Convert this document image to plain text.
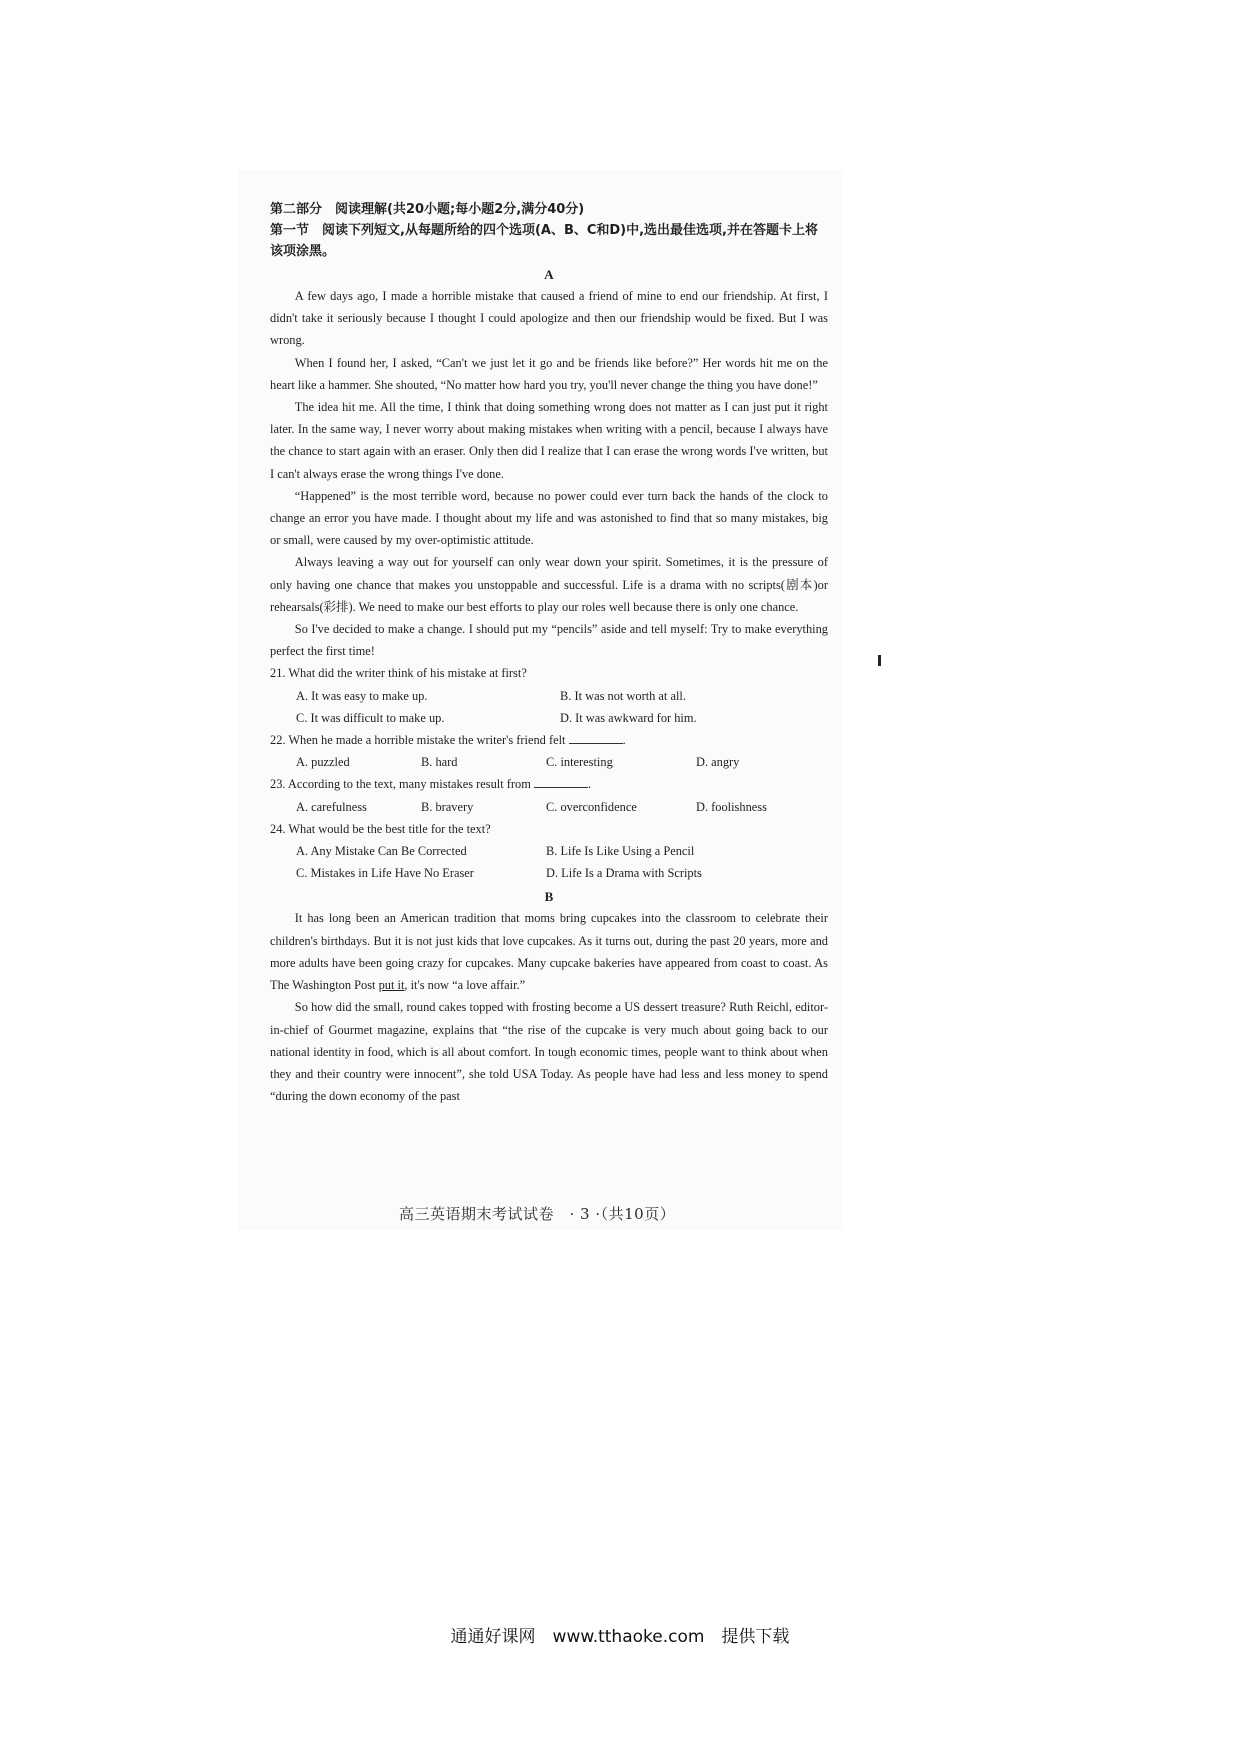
第二部分　阅读理解(共20小题;每小题2分,满分40分)
第一节　阅读下列短文,从每题所给的四个选项(A、B、C和D)中,选出最佳选项,并在答题卡上将该项涂黑。
A

A few days ago, I made a horrible mistake that caused a friend of mine to end our friendship. At first, I didn't take it seriously because I thought I could apologize and then our friendship would be fixed. But I was wrong.

When I found her, I asked, “Can't we just let it go and be friends like before?” Her words hit me on the heart like a hammer. She shouted, “No matter how hard you try, you'll never change the thing you have done!”

The idea hit me. All the time, I think that doing something wrong does not matter as I can just put it right later. In the same way, I never worry about making mistakes when writing with a pencil, because I always have the chance to start again with an eraser. Only then did I realize that I can erase the wrong words I've written, but I can't always erase the wrong things I've done.

“Happened” is the most terrible word, because no power could ever turn back the hands of the clock to change an error you have made. I thought about my life and was astonished to find that so many mistakes, big or small, were caused by my over-optimistic attitude.

Always leaving a way out for yourself can only wear down your spirit. Sometimes, it is the pressure of only having one chance that makes you unstoppable and successful. Life is a drama with no scripts(剧本)or rehearsals(彩排). We need to make our best efforts to play our roles well because there is only one chance.

So I've decided to make a change. I should put my “pencils” aside and tell myself: Try to make everything perfect the first time!

21. What did the writer think of his mistake at first?
A. It was easy to make up.	B. It was not worth at all.
C. It was difficult to make up.	D. It was awkward for him.
22. When he made a horrible mistake the writer's friend felt	.
A. puzzled	B. hard	C. interesting	D. angry
23. According to the text, many mistakes result from	.
A. carefulness	B. bravery	C. overconfidence	D. foolishness
24. What would be the best title for the text?
A. Any Mistake Can Be Corrected	B. Life Is Like Using a Pencil
C. Mistakes in Life Have No Eraser	D. Life Is a Drama with Scripts
B

It has long been an American tradition that moms bring cupcakes into the classroom to celebrate their children's birthdays. But it is not just kids that love cupcakes. As it turns out, during the past 20 years, more and more adults have been going crazy for cupcakes. Many cupcake bakeries have appeared from coast to coast. As The Washington Post put it, it's now “a love affair.”

So how did the small, round cakes topped with frosting become a US dessert treasure? Ruth Reichl, editor-in-chief of Gourmet magazine, explains that “the rise of the cupcake is very much about going back to our national identity in food, which is all about comfort. In tough economic times, people want to think about when they and their country were innocent”, she told USA Today. As people have had less and less money to spend “during the down economy of the past

高三英语期末考试试卷　· 3 ·（共10页）
通通好课网　www.tthaoke.com　提供下载
